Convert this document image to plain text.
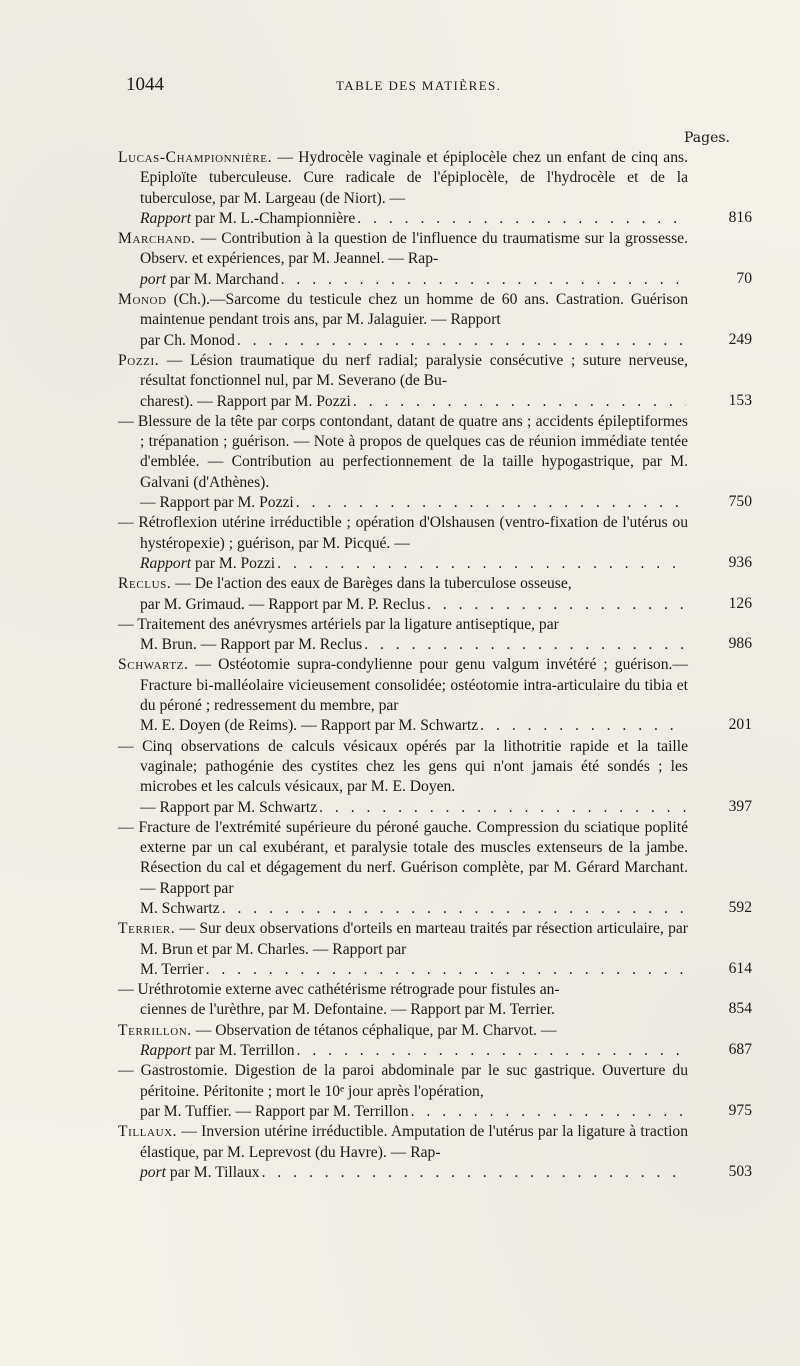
1044	TABLE DES MATIÈRES.
Pages.
Lucas-Championnière. — Hydrocèle vaginale et épiplocèle chez un enfant de cinq ans. Epiploïte tuberculeuse. Cure radicale de l'épiplocèle, de l'hydrocèle et de la tuberculose, par M. Largeau (de Niort). —
Rapport par M. L.-Championnière . . .	816
Marchand. — Contribution à la question de l'influence du traumatisme sur la grossesse. Observ. et expériences, par M. Jeannel. — Rap-
port par M. Marchand . . .	70
Monod (Ch.).—Sarcome du testicule chez un homme de 60 ans. Castration. Guérison maintenue pendant trois ans, par M. Jalaguier. — Rapport
par Ch. Monod . . .	249
Pozzi. — Lésion traumatique du nerf radial; paralysie consécutive ; suture nerveuse, résultat fonctionnel nul, par M. Severano (de Bu-
charest). — Rapport par M. Pozzi . . .	153
— Blessure de la tête par corps contondant, datant de quatre ans ; accidents épileptiformes ; trépanation ; guérison. — Note à propos de quelques cas de réunion immédiate tentée d'emblée. — Contribution au perfectionnement de la taille hypogastrique, par M. Galvani (d'Athènes).
— Rapport par M. Pozzi . . .	750
— Rétroflexion utérine irréductible ; opération d'Olshausen (ventro-fixation de l'utérus ou hystéropexie) ; guérison, par M. Picqué. —
Rapport par M. Pozzi . . .	936
Reclus. — De l'action des eaux de Barèges dans la tuberculose osseuse,
par M. Grimaud. — Rapport par M. P. Reclus . . .	126
— Traitement des anévrysmes artériels par la ligature antiseptique, par
M. Brun. — Rapport par M. Reclus . . .	986
Schwartz. — Ostéotomie supra-condylienne pour genu valgum invétéré ; guérison.— Fracture bi-malléolaire vicieusement consolidée; ostéotomie intra-articulaire du tibia et du péroné ; redressement du membre, par
M. E. Doyen (de Reims). — Rapport par M. Schwartz . . .	201
— Cinq observations de calculs vésicaux opérés par la lithotritie rapide et la taille vaginale; pathogénie des cystites chez les gens qui n'ont jamais été sondés ; les microbes et les calculs vésicaux, par M. E. Doyen.
— Rapport par M. Schwartz . . .	397
— Fracture de l'extrémité supérieure du péroné gauche. Compression du sciatique poplité externe par un cal exubérant, et paralysie totale des muscles extenseurs de la jambe. Résection du cal et dégagement du nerf. Guérison complète, par M. Gérard Marchant. — Rapport par
M. Schwartz . . .	592
Terrier. — Sur deux observations d'orteils en marteau traités par résection articulaire, par M. Brun et par M. Charles. — Rapport par
M. Terrier . . .	614
— Uréthrotomie externe avec cathétérisme rétrograde pour fistules an-
ciennes de l'urèthre, par M. Defontaine. — Rapport par M. Terrier.	854
Terrillon. — Observation de tétanos céphalique, par M. Charvot. —
Rapport par M. Terrillon . . .	687
— Gastrostomie. Digestion de la paroi abdominale par le suc gastrique. Ouverture du péritoine. Péritonite ; mort le 10ᵉ jour après l'opération,
par M. Tuffier. — Rapport par M. Terrillon . . .	975
Tillaux. — Inversion utérine irréductible. Amputation de l'utérus par la ligature à traction élastique, par M. Leprevost (du Havre). — Rap-
port par M. Tillaux . . .	503
